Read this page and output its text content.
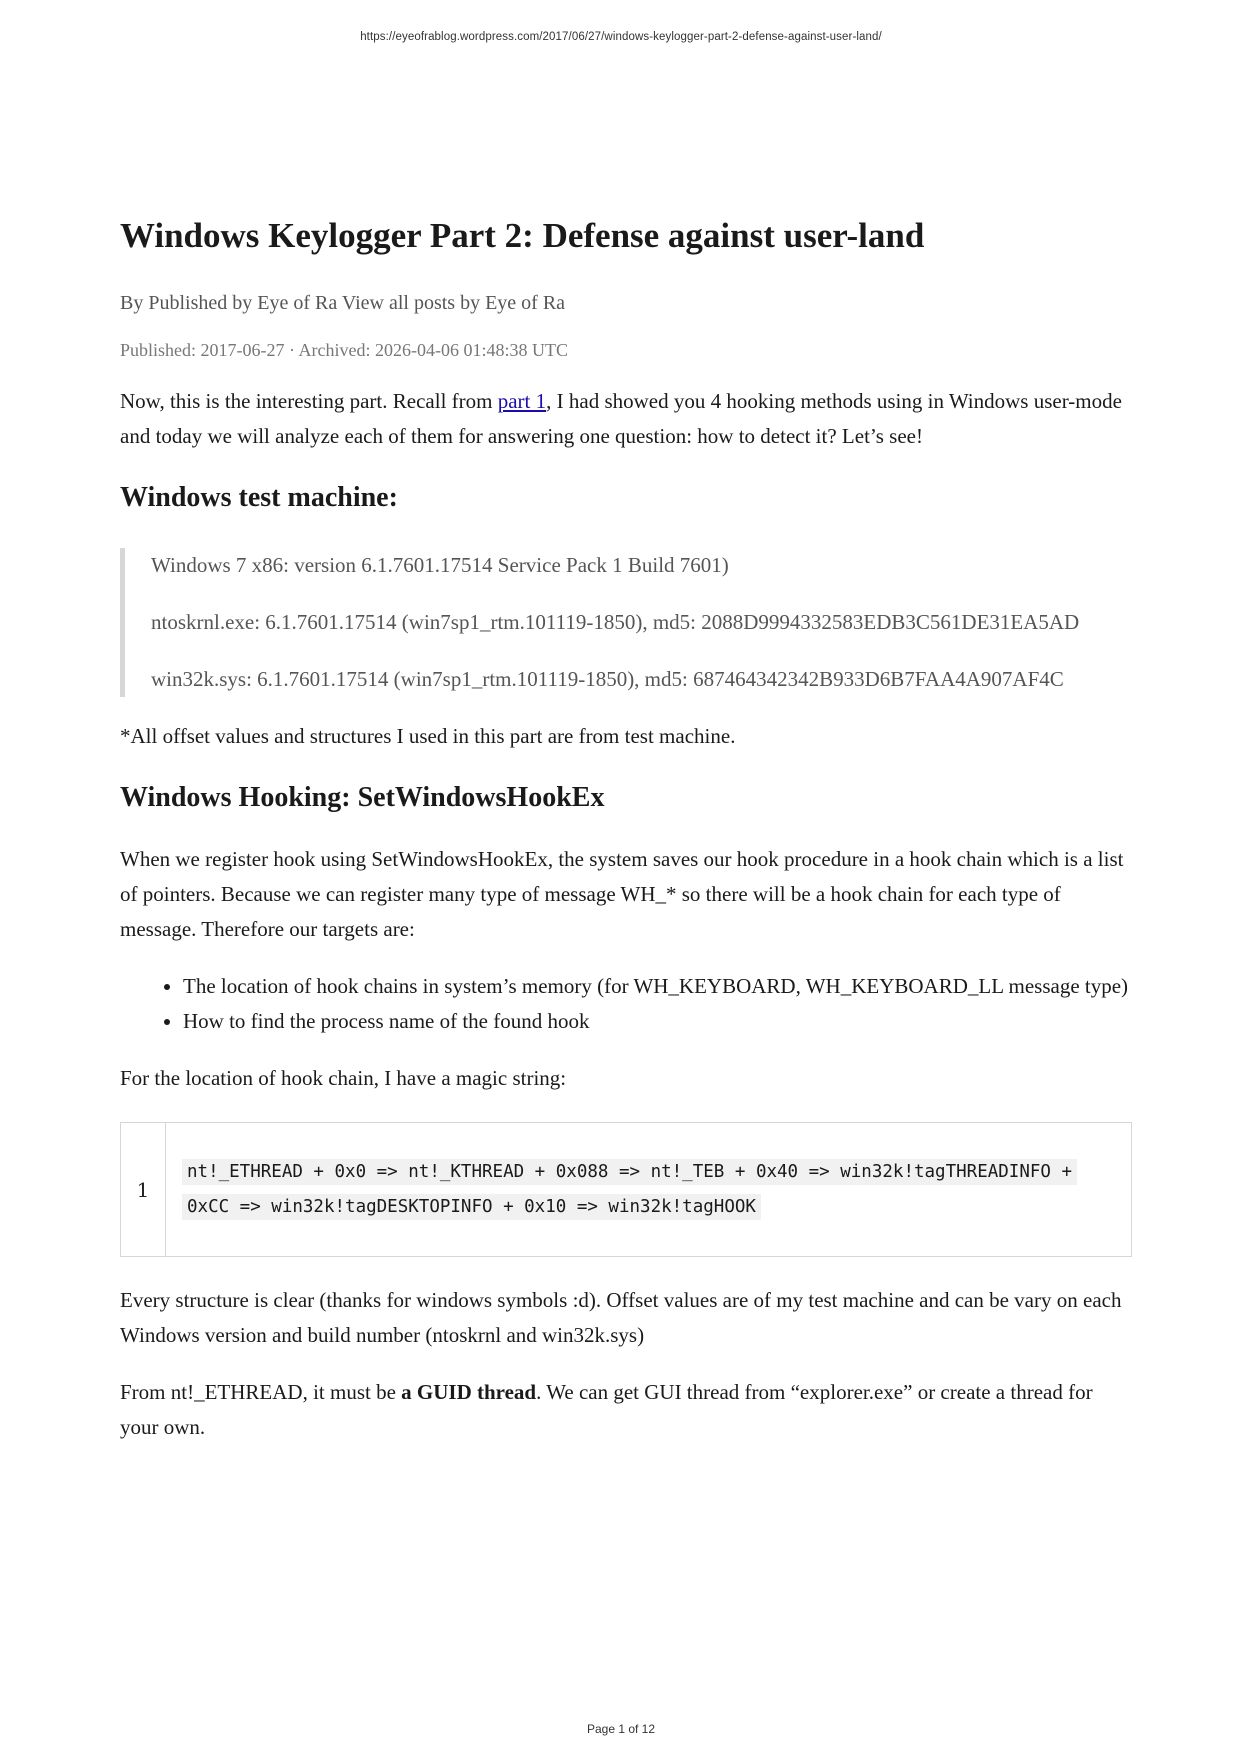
https://eyeofrablog.wordpress.com/2017/06/27/windows-keylogger-part-2-defense-against-user-land/
Windows Keylogger Part 2: Defense against user-land
By Published by Eye of Ra View all posts by Eye of Ra
Published: 2017-06-27 · Archived: 2026-04-06 01:48:38 UTC

Now, this is the interesting part. Recall from part 1, I had showed you 4 hooking methods using in Windows user-mode and today we will analyze each of them for answering one question: how to detect it? Let’s see!

Windows test machine:

Windows 7 x86: version 6.1.7601.17514 Service Pack 1 Build 7601)

ntoskrnl.exe: 6.1.7601.17514 (win7sp1_rtm.101119-1850), md5: 2088D9994332583EDB3C561DE31EA5AD

win32k.sys: 6.1.7601.17514 (win7sp1_rtm.101119-1850), md5: 687464342342B933D6B7FAA4A907AF4C

*All offset values and structures I used in this part are from test machine.

Windows Hooking: SetWindowsHookEx

When we register hook using SetWindowsHookEx, the system saves our hook procedure in a hook chain which is a list of pointers. Because we can register many type of message WH_* so there will be a hook chain for each type of message. Therefore our targets are:

• The location of hook chains in system’s memory (for WH_KEYBOARD, WH_KEYBOARD_LL message type)
• How to find the process name of the found hook

For the location of hook chain, I have a magic string:

1
nt!_ETHREAD + 0x0 => nt!_KTHREAD + 0x088 => nt!_TEB + 0x40 => win32k!tagTHREADINFO + 0xCC => win32k!tagDESKTOPINFO + 0x10 => win32k!tagHOOK

Every structure is clear (thanks for windows symbols :d). Offset values are of my test machine and can be vary on each Windows version and build number (ntoskrnl and win32k.sys)

From nt!_ETHREAD, it must be a GUID thread. We can get GUI thread from “explorer.exe” or create a thread for your own.

Page 1 of 12
